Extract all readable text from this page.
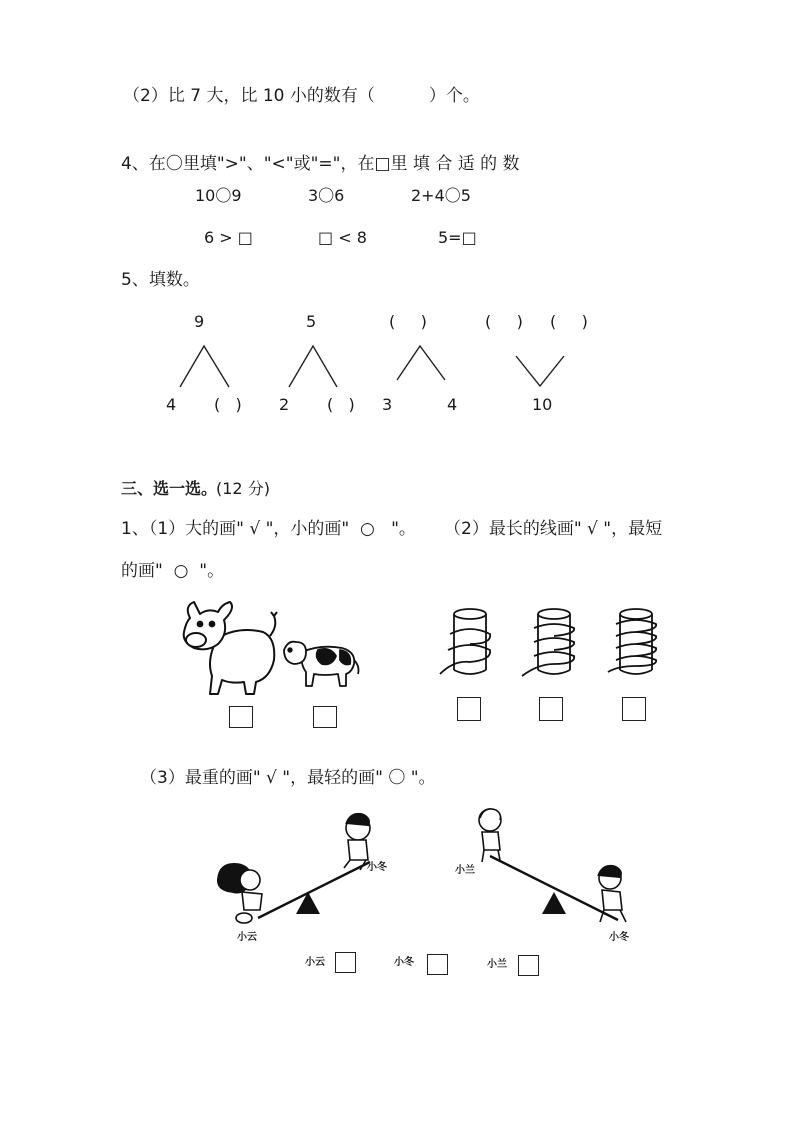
（2）比 7 大，比 10 小的数有（          ）个。
4、在〇里填">"、"<"或"="，在□里 填 合 适 的 数
10〇9	3〇6	2+4〇5
6 > □	□ < 8	5=□
5、填数。
9	5	(     )	(     ) (     )
4 (   ) 2 (   ) 3	4	10
三、选一选。
(12 分)
1、（1）大的画" √ "，小的画"  ○   "。 （2）最长的线画" √ "，最短
的画"  ○  "。
（3）最重的画" √ "，最轻的画" 〇 "。
小冬
小云
小兰
小冬
小云	小冬	小兰
